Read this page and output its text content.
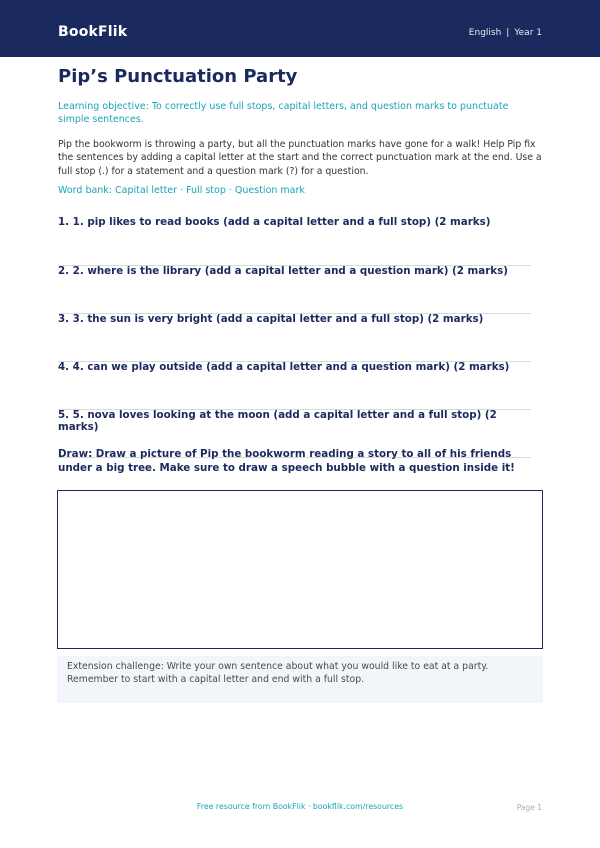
BookFlik	English | Year 1
Pip’s Punctuation Party
Learning objective: To correctly use full stops, capital letters, and question marks to punctuate simple sentences.
Pip the bookworm is throwing a party, but all the punctuation marks have gone for a walk! Help Pip fix the sentences by adding a capital letter at the start and the correct punctuation mark at the end. Use a full stop (.) for a statement and a question mark (?) for a question.
Word bank: Capital letter · Full stop · Question mark
1. 1. pip likes to read books (add a capital letter and a full stop) (2 marks)
2. 2. where is the library (add a capital letter and a question mark) (2 marks)
3. 3. the sun is very bright (add a capital letter and a full stop) (2 marks)
4. 4. can we play outside (add a capital letter and a question mark) (2 marks)
5. 5. nova loves looking at the moon (add a capital letter and a full stop) (2 marks)
Draw: Draw a picture of Pip the bookworm reading a story to all of his friends under a big tree. Make sure to draw a speech bubble with a question inside it!
Extension challenge: Write your own sentence about what you would like to eat at a party. Remember to start with a capital letter and end with a full stop.
Free resource from BookFlik · bookflik.com/resources	Page 1
